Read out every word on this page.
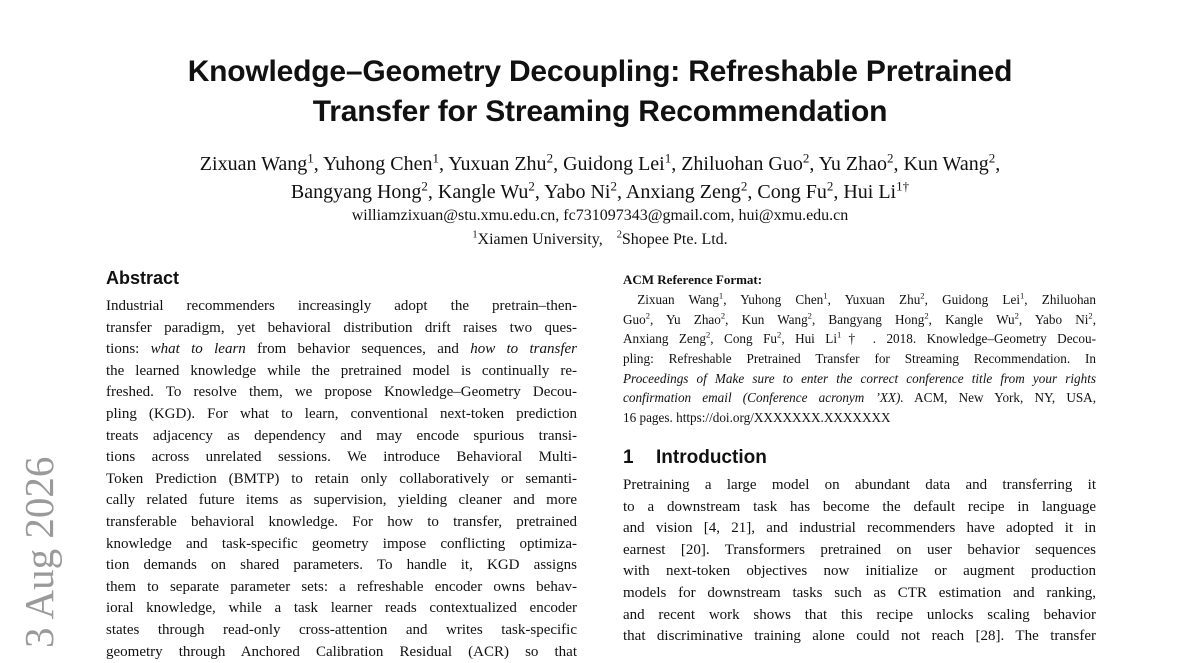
Knowledge–Geometry Decoupling: Refreshable Pretrained
Transfer for Streaming Recommendation
Zixuan Wang$^1$, Yuhong Chen$^1$, Yuxuan Zhu$^2$, Guidong Lei$^1$, Zhiluohan Guo$^2$, Yu Zhao$^2$, Kun Wang$^2$,
Bangyang Hong$^2$, Kangle Wu$^2$, Yabo Ni$^2$, Anxiang Zeng$^2$, Cong Fu$^2$, Hui $Li^{1\dagger}$
williamzixuan@stu.xmu.edu.cn, fc731097343@gmail.com, hui@xmu.edu.cn
$^1$Xiamen University, $^2$Shopee Pte. Ltd.
3 Aug 2026
Abstract
Industrial recommenders increasingly adopt the pretrain–then-
transfer paradigm, yet behavioral distribution drift raises two ques-
tions: what to learn from behavior sequences, and how to transfer
the learned knowledge while the pretrained model is continually re-
freshed. To resolve them, we propose Knowledge–Geometry Decou-
pling (KGD). For what to learn, conventional next-token prediction
treats adjacency as dependency and may encode spurious transi-
tions across unrelated sessions. We introduce Behavioral Multi-
Token Prediction (BMTP) to retain only collaboratively or semanti-
cally related future items as supervision, yielding cleaner and more
transferable behavioral knowledge. For how to transfer, pretrained
knowledge and task-specific geometry impose conflicting optimiza-
tion demands on shared parameters. To handle it, KGD assigns
them to separate parameter sets: a refreshable encoder owns behav-
ioral knowledge, while a task learner reads contextualized encoder
states through read-only cross-attention and writes task-specific
geometry through Anchored Calibration Residual (ACR) so that
ACM Reference Format:
Zixuan Wang$^1$, Yuhong Chen$^1$, Yuxuan Zhu$^2$, Guidong Lei$^1$, Zhiluohan
Guo$^2$, Yu Zhao$^2$, Kun Wang$^2$, Bangyang Hong$^2$, Kangle Wu$^2$, Yabo Ni$^2$,
Anxiang Zeng$^2$, Cong Fu$^2$, Hui Li$^1$† . 2018. Knowledge–Geometry Decou-
pling: Refreshable Pretrained Transfer for Streaming Recommendation. In
Proceedings of Make sure to enter the correct conference title from your rights
confirmation email (Conference acronym ’XX). ACM, New York, NY, USA,
16 pages. https://doi.org/XXXXXXX.XXXXXXX
1 Introduction
Pretraining a large model on abundant data and transferring it
to a downstream task has become the default recipe in language
and vision [4, 21], and industrial recommenders have adopted it in
earnest [20]. Transformers pretrained on user behavior sequences
with next-token objectives now initialize or augment production
models for downstream tasks such as CTR estimation and ranking,
and recent work shows that this recipe unlocks scaling behavior
that discriminative training alone could not reach [28]. The transfer
